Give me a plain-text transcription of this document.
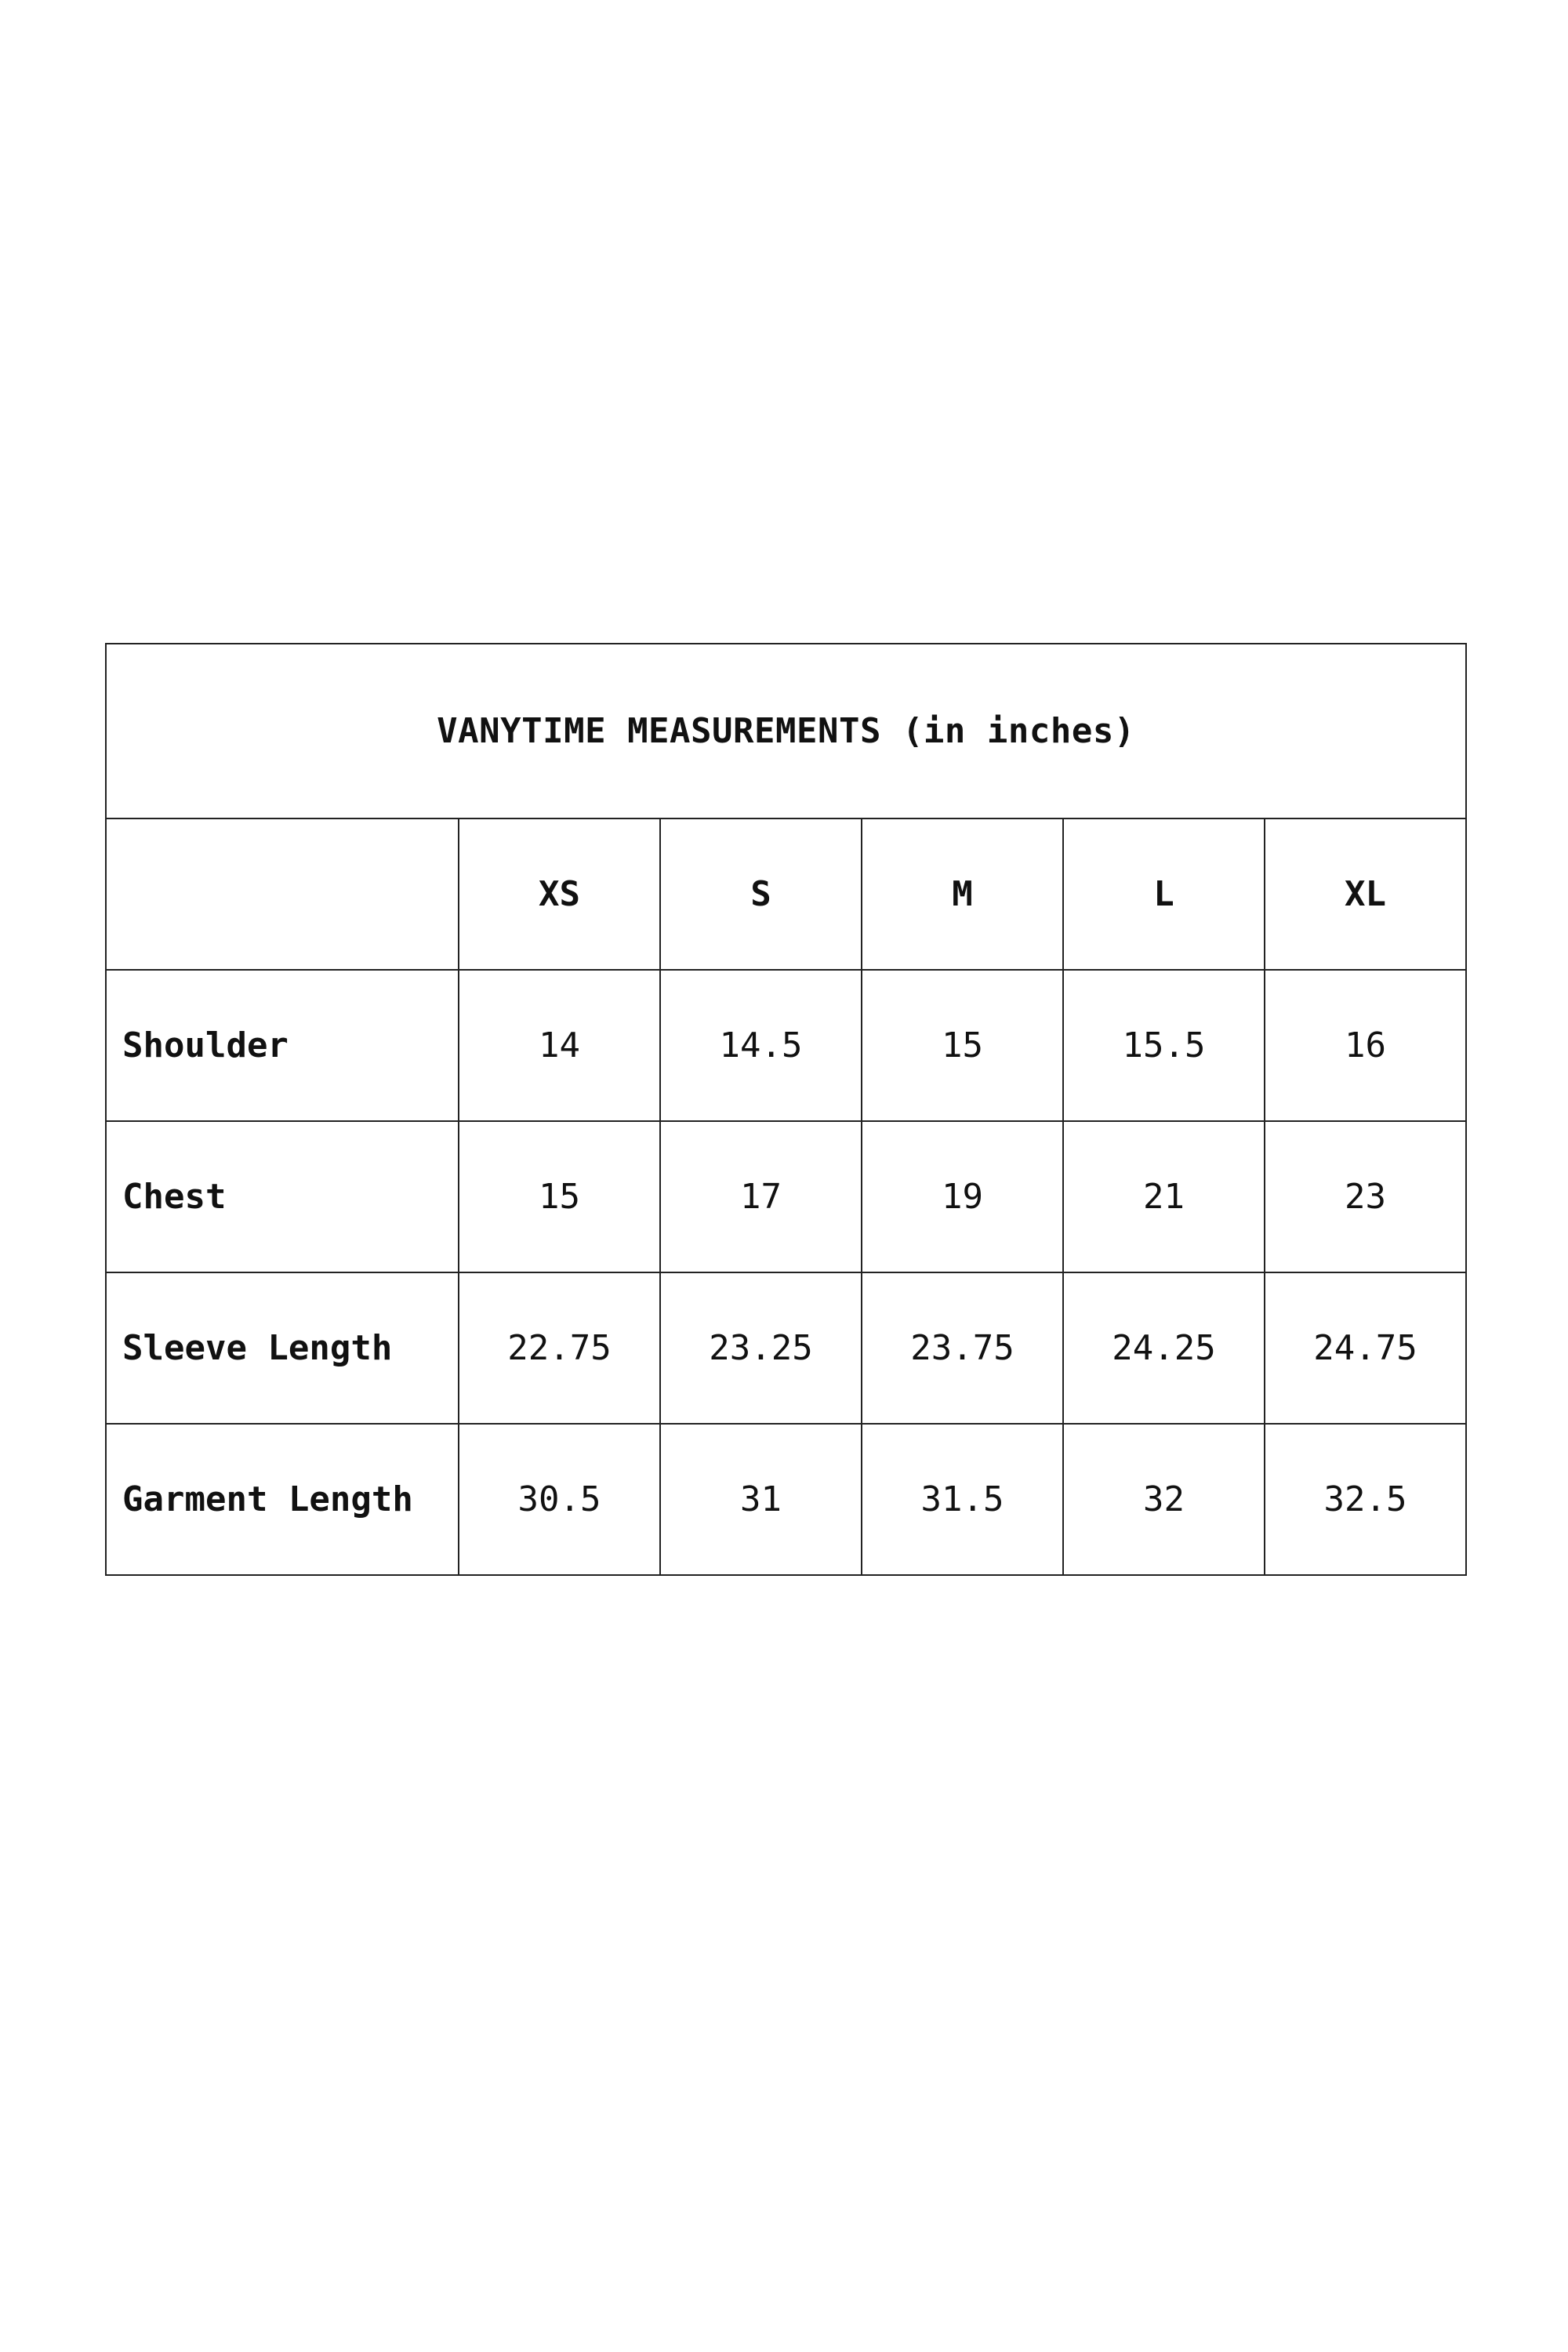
VANYTIME MEASUREMENTS (in inches)					
	XS	S	M	L	XL
Shoulder	14	14.5	15	15.5	16
Chest	15	17	19	21	23
Sleeve Length	22.75	23.25	23.75	24.25	24.75
Garment Length	30.5	31	31.5	32	32.5
